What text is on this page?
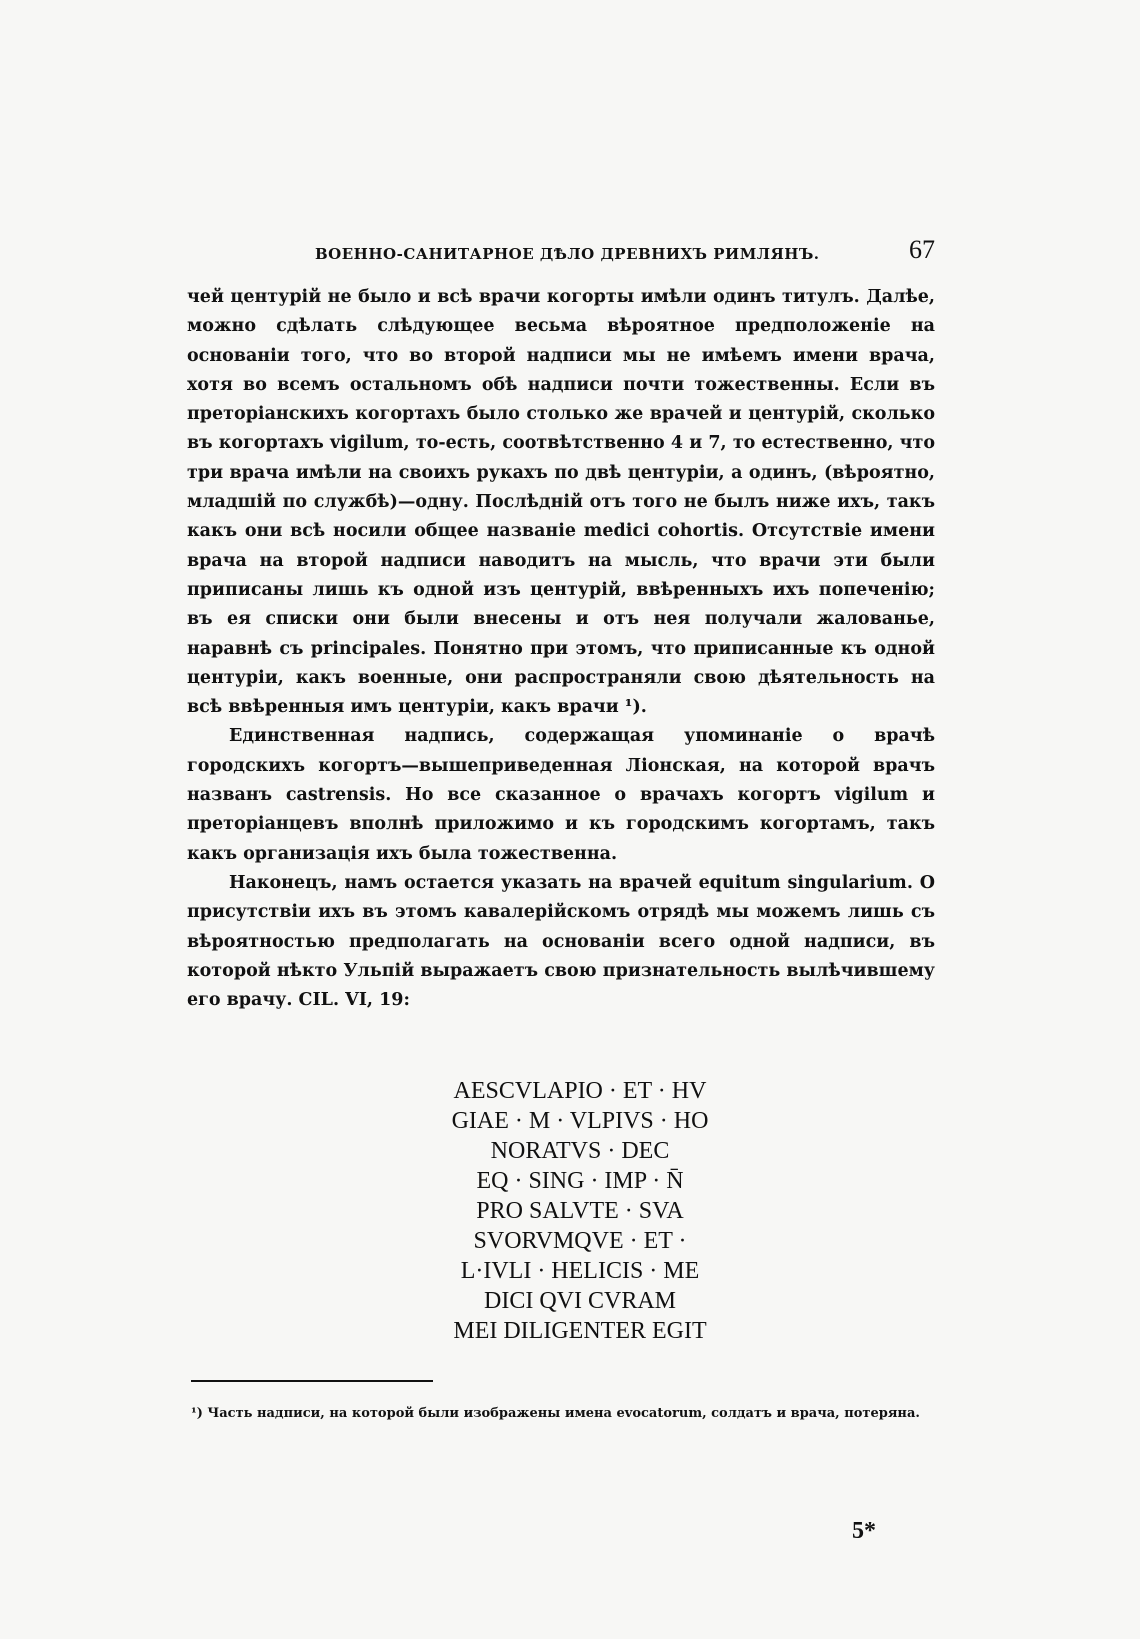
ВОЕННО-САНИТАРНОЕ ДѢЛО ДРЕВНИХЪ РИМЛЯНЪ.	67

чей центурій не было и всѣ врачи когорты имѣли одинъ титулъ. Далѣе, можно сдѣлать слѣдующее весьма вѣроятное предположеніе на основаніи того, что во второй надписи мы не имѣемъ имени врача, хотя во всемъ остальномъ обѣ надписи почти тожественны. Если въ преторіанскихъ когортахъ было столько же врачей и центурій, сколько въ когортахъ vigilum, то-есть, соотвѣтственно 4 и 7, то естественно, что три врача имѣли на своихъ рукахъ по двѣ центуріи, а одинъ, (вѣроятно, младшій по службѣ)—одну. Послѣдній отъ того не былъ ниже ихъ, такъ какъ они всѣ носили общее названіе medici cohortis. Отсутствіе имени врача на второй надписи наводитъ на мысль, что врачи эти были приписаны лишь къ одной изъ центурій, ввѣренныхъ ихъ попеченію; въ ея списки они были внесены и отъ нея получали жалованье, наравнѣ съ principales. Понятно при этомъ, что приписанные къ одной центуріи, какъ военные, они распространяли свою дѣятельность на всѣ ввѣренныя имъ центуріи, какъ врачи ¹).

Единственная надпись, содержащая упоминаніе о врачѣ городскихъ когортъ—вышеприведенная Ліонская, на которой врачъ названъ castrensis. Но все сказанное о врачахъ когортъ vigilum и преторіанцевъ вполнѣ приложимо и къ городскимъ когортамъ, такъ какъ организація ихъ была тожественна.

Наконецъ, намъ остается указать на врачей equitum singularium. О присутствіи ихъ въ этомъ кавалерійскомъ отрядѣ мы можемъ лишь съ вѣроятностью предполагать на основаніи всего одной надписи, въ которой нѣкто Ульпій выражаетъ свою признательность вылѣчившему его врачу. CIL. VI, 19:

AESCVLAPIO · ET · HV
GIAE · M · VLPIVS · HO
NORATVS · DEC
EQ · SING · IMP · N̄
PRO SALVTE · SVA
SVORVMQVE · ET ·
L·IVLI · HELICIS · ME
DICI QVI CVRAM
MEI DILIGENTER EGIT
¹) Часть надписи, на которой были изображены имена evocatorum, солдатъ и врача, потеряна.
5*
